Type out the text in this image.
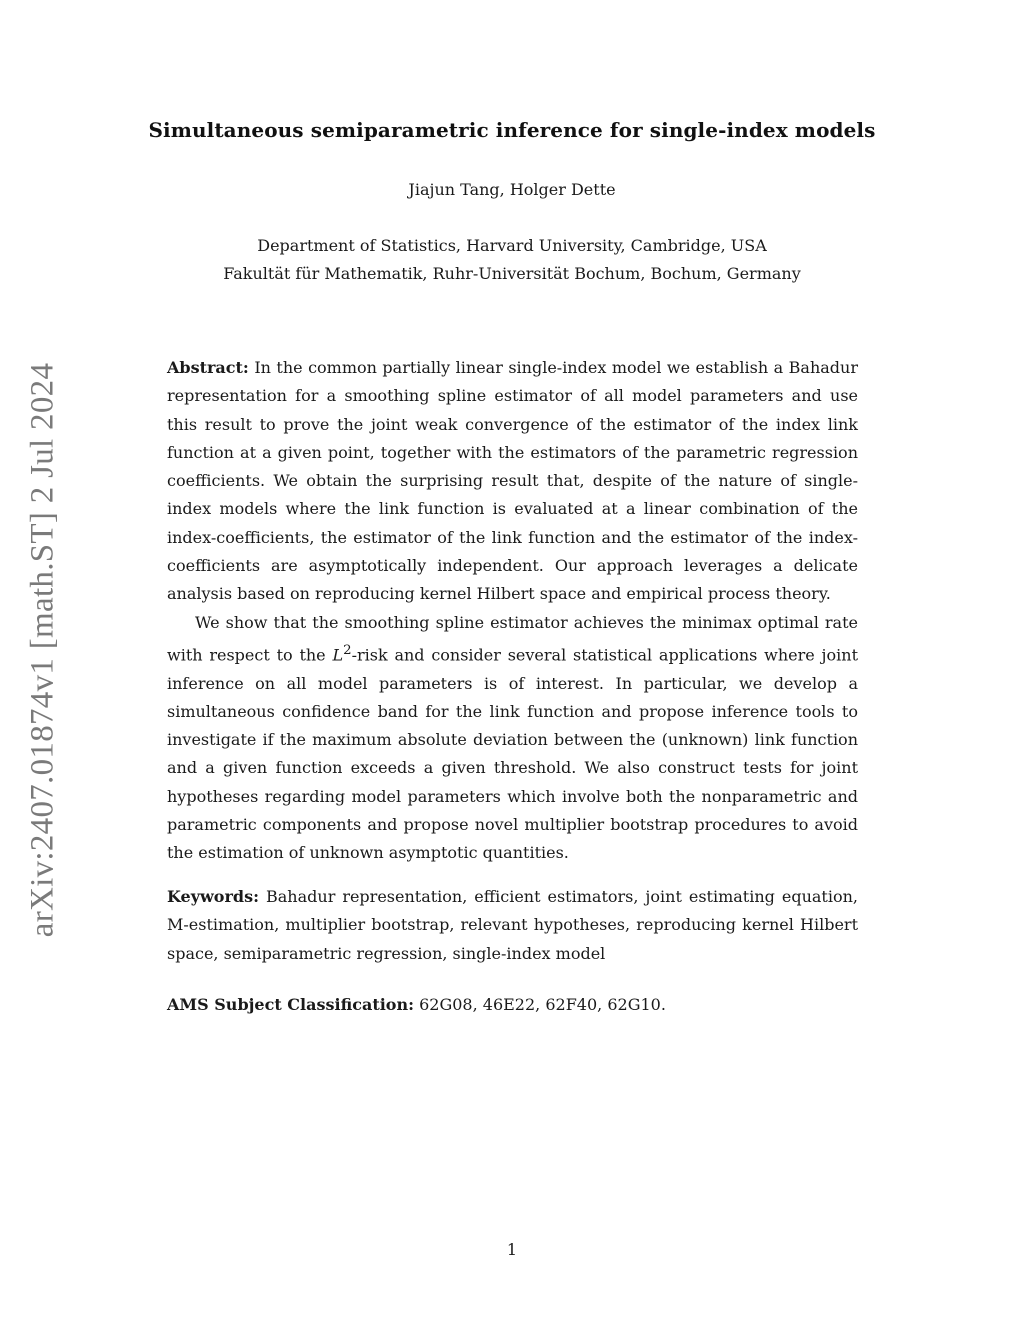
arXiv:2407.01874v1 [math.ST] 2 Jul 2024
Simultaneous semiparametric inference for single-index models
Jiajun Tang, Holger Dette
Department of Statistics, Harvard University, Cambridge, USA
Fakultät für Mathematik, Ruhr-Universität Bochum, Bochum, Germany

Abstract: In the common partially linear single-index model we establish a Bahadur representation for a smoothing spline estimator of all model parameters and use this result to prove the joint weak convergence of the estimator of the index link function at a given point, together with the estimators of the parametric regression coefficients. We obtain the surprising result that, despite of the nature of single-index models where the link function is evaluated at a linear combination of the index-coefficients, the estimator of the link function and the estimator of the index-coefficients are asymptotically independent. Our approach leverages a delicate analysis based on reproducing kernel Hilbert space and empirical process theory.

We show that the smoothing spline estimator achieves the minimax optimal rate with respect to the $L^2$-risk and consider several statistical applications where joint inference on all model parameters is of interest. In particular, we develop a simultaneous confidence band for the link function and propose inference tools to investigate if the maximum absolute deviation between the (unknown) link function and a given function exceeds a given threshold. We also construct tests for joint hypotheses regarding model parameters which involve both the nonparametric and parametric components and propose novel multiplier bootstrap procedures to avoid the estimation of unknown asymptotic quantities.

Keywords: Bahadur representation, efficient estimators, joint estimating equation, M-estimation, multiplier bootstrap, relevant hypotheses, reproducing kernel Hilbert space, semiparametric regression, single-index model
AMS Subject Classification: 62G08, 46E22, 62F40, 62G10.
1
